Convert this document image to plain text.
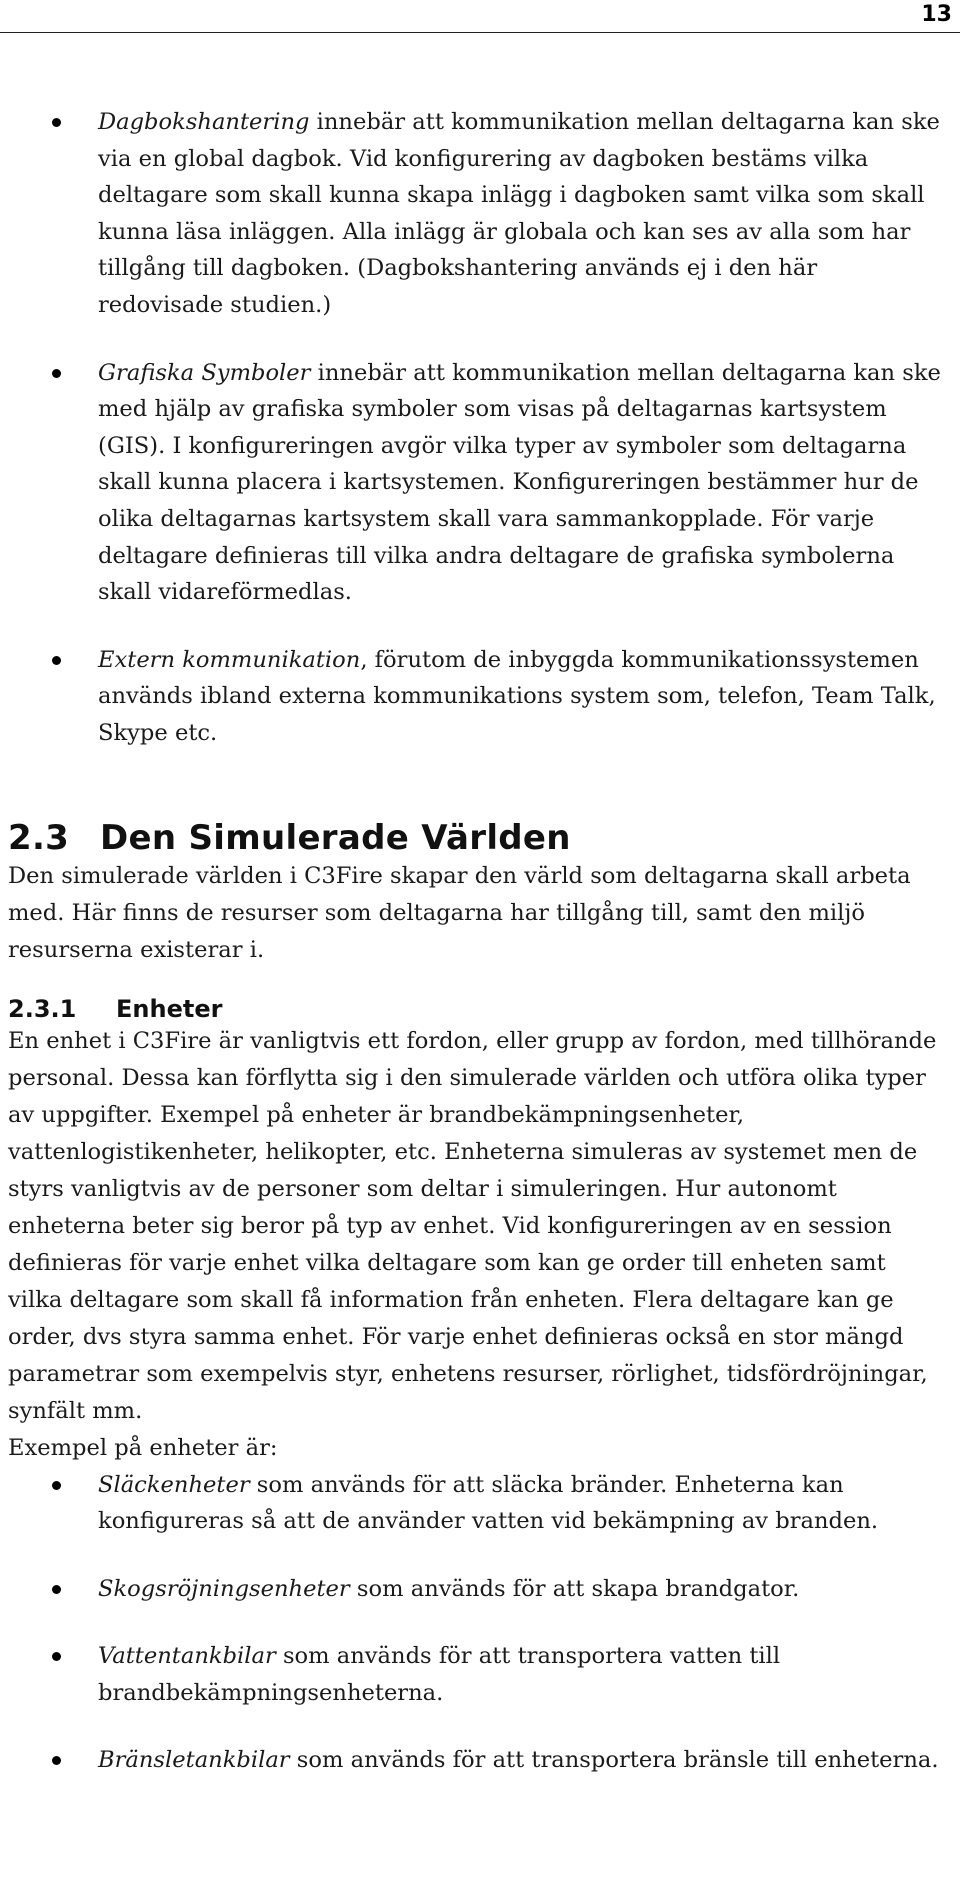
13
Dagbokshantering innebär att kommunikation mellan deltagarna kan ske via en global dagbok. Vid konfigurering av dagboken bestäms vilka deltagare som skall kunna skapa inlägg i dagboken samt vilka som skall kunna läsa inläggen. Alla inlägg är globala och kan ses av alla som har tillgång till dagboken. (Dagbokshantering används ej i den här redovisade studien.)
Grafiska Symboler innebär att kommunikation mellan deltagarna kan ske med hjälp av grafiska symboler som visas på deltagarnas kartsystem (GIS). I konfigureringen avgör vilka typer av symboler som deltagarna skall kunna placera i kartsystemen. Konfigureringen bestämmer hur de olika deltagarnas kartsystem skall vara sammankopplade. För varje deltagare definieras till vilka andra deltagare de grafiska symbolerna skall vidareförmedlas.
Extern kommunikation, förutom de inbyggda kommunikationssystemen används ibland externa kommunikations system som, telefon, Team Talk, Skype etc.
2.3 Den Simulerade Världen

Den simulerade världen i C3Fire skapar den värld som deltagarna skall arbeta med. Här finns de resurser som deltagarna har tillgång till, samt den miljö resurserna existerar i.

2.3.1 Enheter

En enhet i C3Fire är vanligtvis ett fordon, eller grupp av fordon, med tillhörande personal. Dessa kan förflytta sig i den simulerade världen och utföra olika typer av uppgifter. Exempel på enheter är brandbekämpningsenheter, vattenlogistikenheter, helikopter, etc. Enheterna simuleras av systemet men de styrs vanligtvis av de personer som deltar i simuleringen. Hur autonomt enheterna beter sig beror på typ av enhet. Vid konfigureringen av en session definieras för varje enhet vilka deltagare som kan ge order till enheten samt vilka deltagare som skall få information från enheten. Flera deltagare kan ge order, dvs styra samma enhet. För varje enhet definieras också en stor mängd parametrar som exempelvis styr, enhetens resurser, rörlighet, tidsfördröjningar, synfält mm.

Exempel på enheter är:

Släckenheter som används för att släcka bränder. Enheterna kan konfigureras så att de använder vatten vid bekämpning av branden.
Skogsröjningsenheter som används för att skapa brandgator.
Vattentankbilar som används för att transportera vatten till brandbekämpningsenheterna.
Bränsletankbilar som används för att transportera bränsle till enheterna.
